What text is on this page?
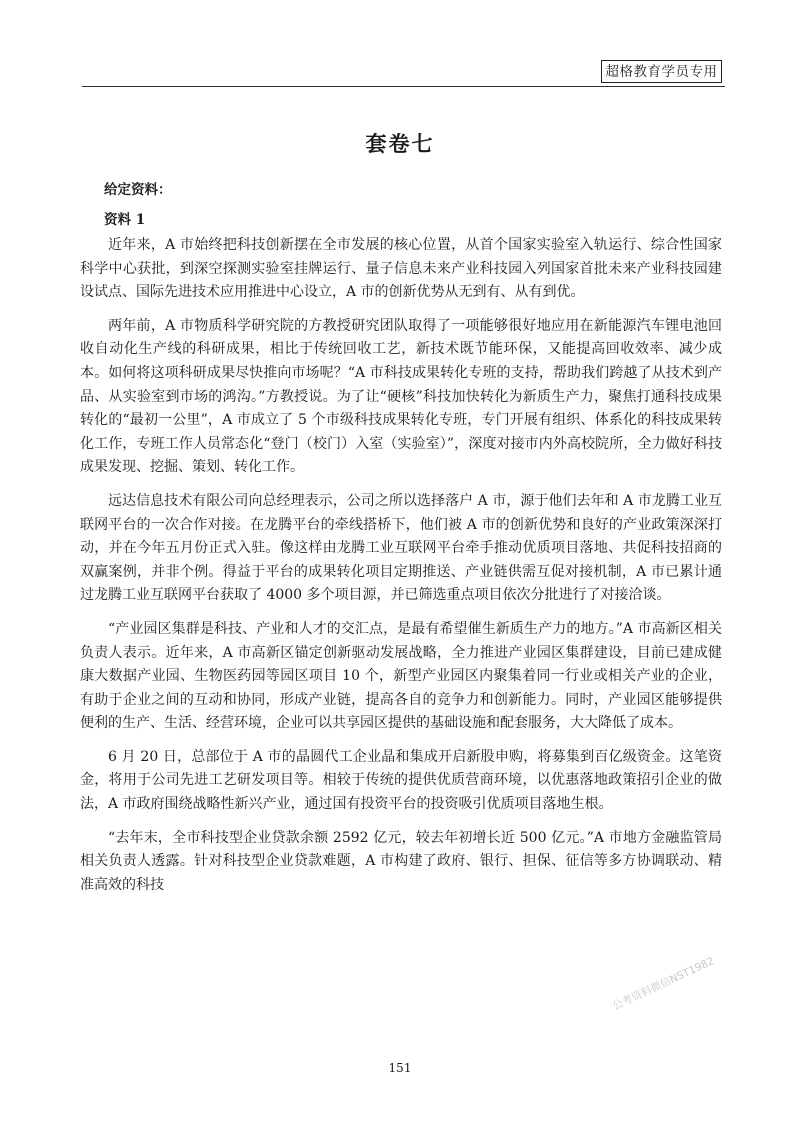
超格教育学员专用
套卷七
给定资料：
资料 1

近年来，A 市始终把科技创新摆在全市发展的核心位置，从首个国家实验室入轨运行、综合性国家科学中心获批，到深空探测实验室挂牌运行、量子信息未来产业科技园入列国家首批未来产业科技园建设试点、国际先进技术应用推进中心设立，A 市的创新优势从无到有、从有到优。

两年前，A 市物质科学研究院的方教授研究团队取得了一项能够很好地应用在新能源汽车锂电池回收自动化生产线的科研成果，相比于传统回收工艺，新技术既节能环保，又能提高回收效率、减少成本。如何将这项科研成果尽快推向市场呢？“A 市科技成果转化专班的支持，帮助我们跨越了从技术到产品、从实验室到市场的鸿沟。”方教授说。为了让“硬核”科技加快转化为新质生产力，聚焦打通科技成果转化的“最初一公里”，A 市成立了 5 个市级科技成果转化专班，专门开展有组织、体系化的科技成果转化工作，专班工作人员常态化“登门（校门）入室（实验室）”，深度对接市内外高校院所，全力做好科技成果发现、挖掘、策划、转化工作。

远达信息技术有限公司向总经理表示，公司之所以选择落户 A 市，源于他们去年和 A 市龙腾工业互联网平台的一次合作对接。在龙腾平台的牵线搭桥下，他们被 A 市的创新优势和良好的产业政策深深打动，并在今年五月份正式入驻。像这样由龙腾工业互联网平台牵手推动优质项目落地、共促科技招商的双赢案例，并非个例。得益于平台的成果转化项目定期推送、产业链供需互促对接机制，A 市已累计通过龙腾工业互联网平台获取了 4000 多个项目源，并已筛选重点项目依次分批进行了对接洽谈。

“产业园区集群是科技、产业和人才的交汇点，是最有希望催生新质生产力的地方。”A 市高新区相关负责人表示。近年来，A 市高新区锚定创新驱动发展战略，全力推进产业园区集群建设，目前已建成健康大数据产业园、生物医药园等园区项目 10 个，新型产业园区内聚集着同一行业或相关产业的企业，有助于企业之间的互动和协同，形成产业链，提高各自的竞争力和创新能力。同时，产业园区能够提供便利的生产、生活、经营环境，企业可以共享园区提供的基础设施和配套服务，大大降低了成本。

6 月 20 日，总部位于 A 市的晶圆代工企业晶和集成开启新股申购，将募集到百亿级资金。这笔资金，将用于公司先进工艺研发项目等。相较于传统的提供优质营商环境，以优惠落地政策招引企业的做法，A 市政府围绕战略性新兴产业，通过国有投资平台的投资吸引优质项目落地生根。

“去年末，全市科技型企业贷款余额 2592 亿元，较去年初增长近 500 亿元。”A 市地方金融监管局相关负责人透露。针对科技型企业贷款难题，A 市构建了政府、银行、担保、征信等多方协调联动、精准高效的科技

公考资料微信NST1982
151
